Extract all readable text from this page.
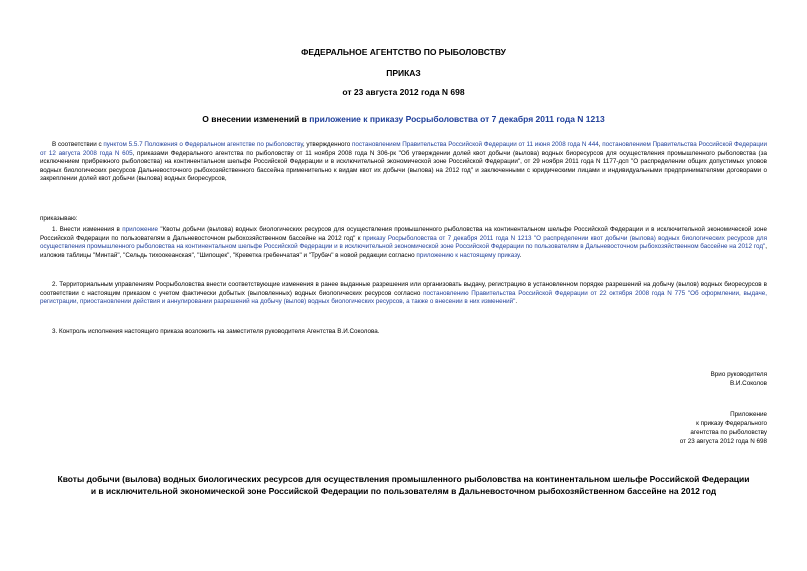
ФЕДЕРАЛЬНОЕ АГЕНТСТВО ПО РЫБОЛОВСТВУ
ПРИКАЗ
от 23 августа 2012 года N 698
О внесении изменений в приложение к приказу Росрыболовства от 7 декабря 2011 года N 1213
В соответствии с пунктом 5.5.7 Положения о Федеральном агентстве по рыболовству, утвержденного постановлением Правительства Российской Федерации от 11 июня 2008 года N 444, постановлением Правительства Российской Федерации от 12 августа 2008 года N 605, приказами Федерального агентства по рыболовству от 11 ноября 2008 года N 306-рк "Об утверждении долей квот добычи (вылова) водных биоресурсов для осуществления промышленного рыболовства (за исключением прибрежного рыболовства) на континентальном шельфе Российской Федерации и в исключительной экономической зоне Российской Федерации", от 29 ноября 2011 года N 1177-дсп "О распределении общих допустимых уловов водных биологических ресурсов Дальневосточного рыбохозяйственного бассейна применительно к видам квот их добычи (вылова) на 2012 год" и заключенными с юридическими лицами и индивидуальными предпринимателями договорами о закреплении долей квот добычи (вылова) водных биоресурсов,
приказываю:
1. Внести изменения в приложение "Квоты добычи (вылова) водных биологических ресурсов для осуществления промышленного рыболовства на континентальном шельфе Российской Федерации и в исключительной экономической зоне Российской Федерации по пользователям в Дальневосточном рыбохозяйственном бассейне на 2012 год" к приказу Росрыболовства от 7 декабря 2011 года N 1213 "О распределении квот добычи (вылова) водных биологических ресурсов для осуществления промышленного рыболовства на континентальном шельфе Российской Федерации и в исключительной экономической зоне Российской Федерации по пользователям в Дальневосточном рыбохозяйственном бассейне на 2012 год", изложив таблицы "Минтай", "Сельдь тихоокеанская", "Шипощек", "Креветка гребенчатая" и "Трубач" в новой редакции согласно приложению к настоящему приказу.
2. Территориальным управлениям Росрыболовства внести соответствующие изменения в ранее выданные разрешения или организовать выдачу, регистрацию в установленном порядке разрешений на добычу (вылов) водных биоресурсов в соответствии с настоящим приказом с учетом фактически добытых (выловленных) водных биологических ресурсов согласно постановлению Правительства Российской Федерации от 22 октября 2008 года N 775 "Об оформлении, выдаче, регистрации, приостановлении действия и аннулировании разрешений на добычу (вылов) водных биологических ресурсов, а также о внесении в них изменений".
3. Контроль исполнения настоящего приказа возложить на заместителя руководителя Агентства В.И.Соколова.
Врио руководителя
В.И.Соколов
Приложение
к приказу Федерального
агентства по рыболовству
от 23 августа 2012 года N 698
Квоты добычи (вылова) водных биологических ресурсов для осуществления промышленного рыболовства на континентальном шельфе Российской Федерации
и в исключительной экономической зоне Российской Федерации по пользователям в Дальневосточном рыбохозяйственном бассейне на 2012 год
